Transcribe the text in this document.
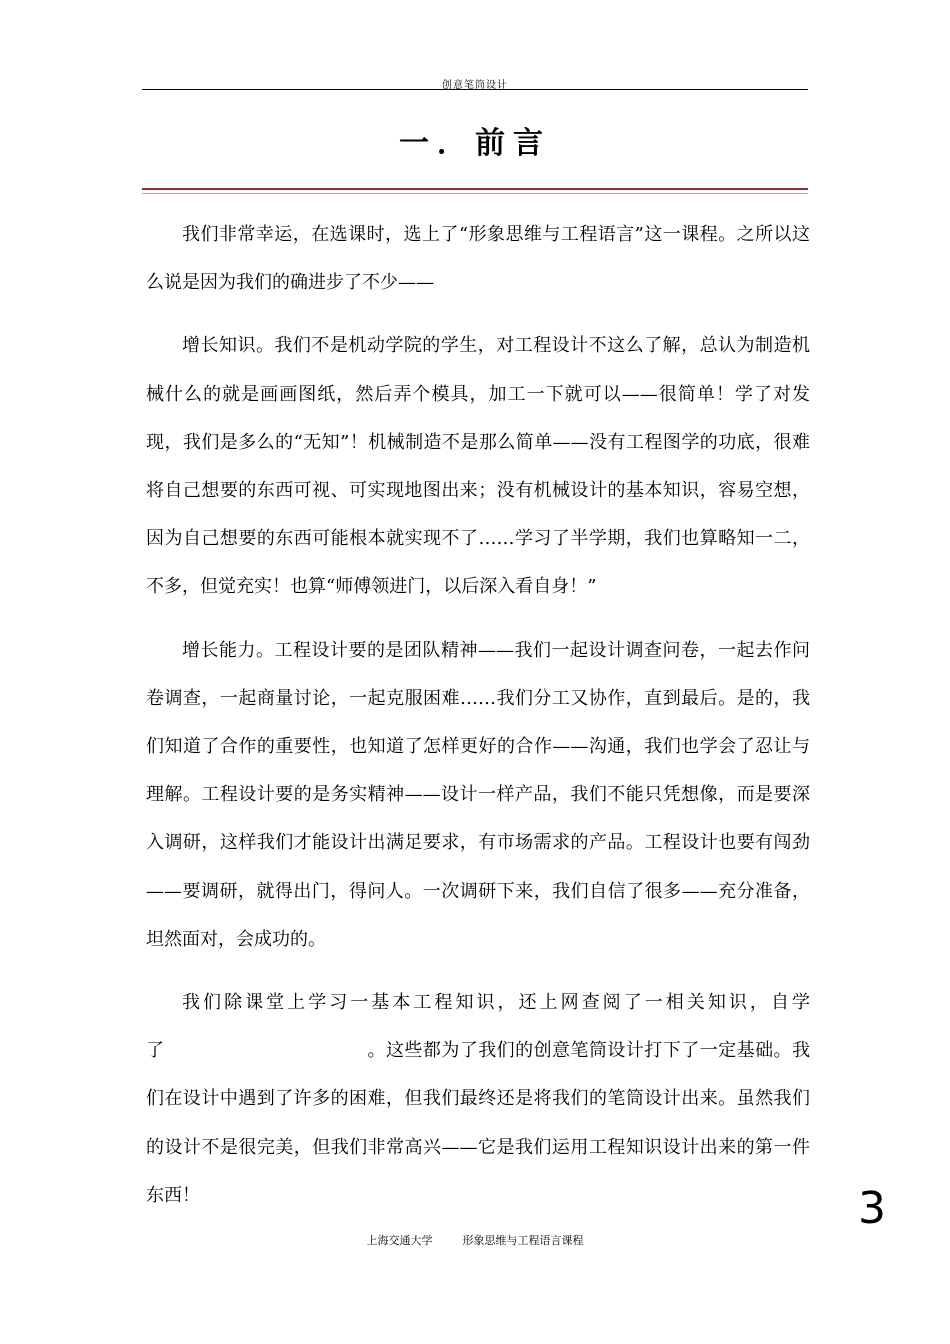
创意笔筒设计
一．前言

我们非常幸运，在选课时，选上了“形象思维与工程语言”这一课程。之所以这么说是因为我们的确进步了不少——

增长知识。我们不是机动学院的学生，对工程设计不这么了解，总认为制造机械什么的就是画画图纸，然后弄个模具，加工一下就可以——很简单！学了对发现，我们是多么的“无知”！机械制造不是那么简单——没有工程图学的功底，很难将自己想要的东西可视、可实现地图出来；没有机械设计的基本知识，容易空想，因为自己想要的东西可能根本就实现不了……学习了半学期，我们也算略知一二，不多，但觉充实！也算“师傅领进门，以后深入看自身！”

增长能力。工程设计要的是团队精神——我们一起设计调查问卷，一起去作问卷调查，一起商量讨论，一起克服困难……我们分工又协作，直到最后。是的，我们知道了合作的重要性，也知道了怎样更好的合作——沟通，我们也学会了忍让与理解。工程设计要的是务实精神——设计一样产品，我们不能只凭想像，而是要深入调研，这样我们才能设计出满足要求，有市场需求的产品。工程设计也要有闯劲——要调研，就得出门，得问人。一次调研下来，我们自信了很多——充分准备，坦然面对，会成功的。

我们除课堂上学习一基本工程知识，还上网查阅了一相关知识，自学了　　　　　　　　　　　。这些都为了我们的创意笔筒设计打下了一定基础。我们在设计中遇到了许多的困难，但我们最终还是将我们的笔筒设计出来。虽然我们的设计不是很完美，但我们非常高兴——它是我们运用工程知识设计出来的第一件东西！	3
上海交通大学	形象思维与工程语言课程
